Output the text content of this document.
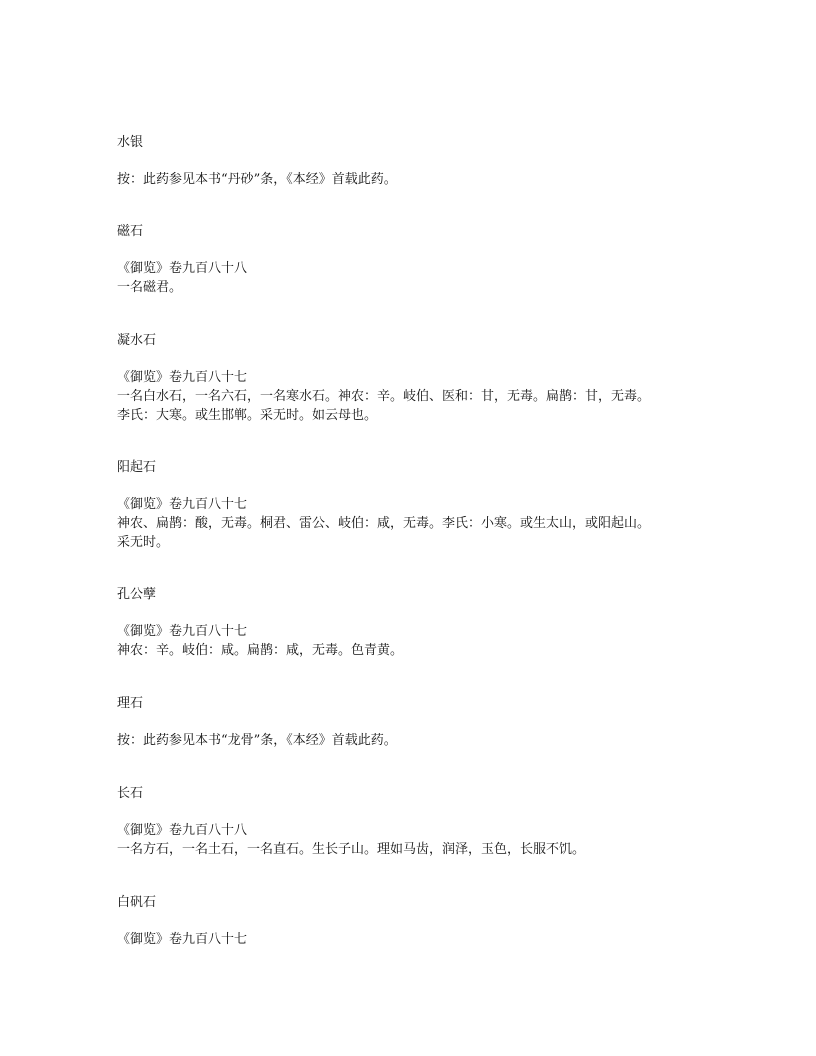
水银
按：此药参见本书“丹砂”条，《本经》首载此药。
磁石
《御览》卷九百八十八
一名磁君。
凝水石
《御览》卷九百八十七
一名白水石，一名六石，一名寒水石。神农：辛。岐伯、医和：甘，无毒。扁鹊：甘，无毒。
李氏：大寒。或生邯郸。采无时。如云母也。
阳起石
《御览》卷九百八十七
神农、扁鹊：酸，无毒。桐君、雷公、岐伯：咸，无毒。李氏：小寒。或生太山，或阳起山。
采无时。
孔公孽
《御览》卷九百八十七
神农：辛。岐伯：咸。扁鹊：咸，无毒。色青黄。
理石
按：此药参见本书“龙骨”条，《本经》首载此药。
长石
《御览》卷九百八十八
一名方石，一名土石，一名直石。生长子山。理如马齿，润泽，玉色，长服不饥。
白矾石
《御览》卷九百八十七
